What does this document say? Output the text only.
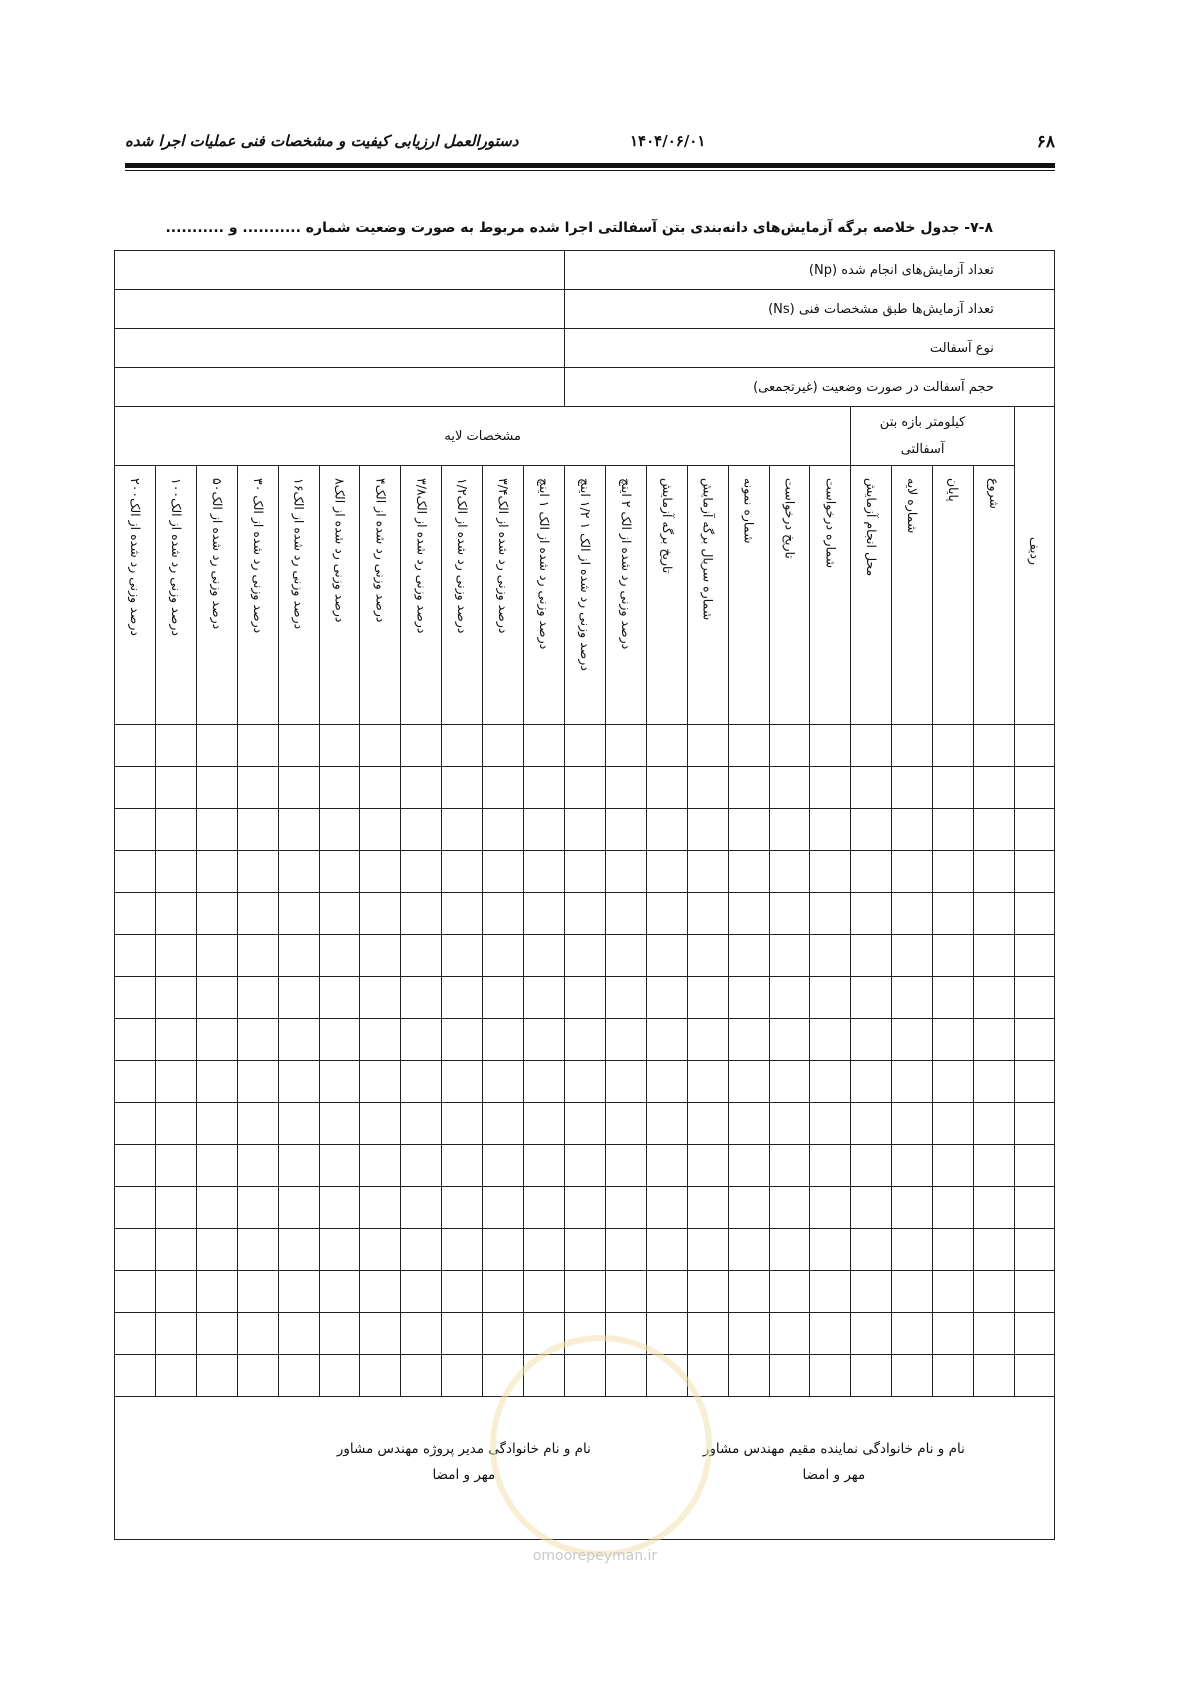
۶۸
۱۴۰۴/۰۶/۰۱
دستورالعمل ارزیابی کیفیت و مشخصات فنی عملیات اجرا شده
۷-۸- جدول خلاصه برگه آزمایش‌های دانه‌بندی بتن آسفالتی اجرا شده مربوط به صورت وضعیت شماره ........... و ...........
تعداد آزمایش‌های انجام شده (Np)																						
تعداد آزمایش‌ها طبق مشخصات فنی (Ns)																						
نوع آسفالت																						
حجم آسفالت در صورت وضعیت (غیرتجمعی)																						

ردیف	کیلومتر بازه بتن آسفالتی				مشخصات لایه																	

	شروع	پایان	شماره لایه	محل انجام آزمایش	شماره درخواست	تاریخ درخواست	شماره نمونه	شماره سریال برگه آزمایش	تاریخ برگه آزمایش	درصد وزنی رد شده از الک ۲ اینچ	درصد وزنی رد شده از الک ۱ ۱/۲ اینچ	درصد وزنی رد شده از الک ۱ اینچ	درصد وزنی رد شده از الک۳/۴	درصد وزنی رد شده از الک۱/۲	درصد وزنی رد شده از الک۳/۸	درصد وزنی رد شده از الک۴	درصد وزنی رد شده از الک۸	درصد وزنی رد شده از الک۱۶	درصد وزنی رد شده از الک ۳۰	درصد وزنی رد شده از الک۵۰	درصد وزنی رد شده از الک۱۰۰	درصد وزنی رد شده از الک۲۰۰

نام و نام خانوادگی نماینده مقیم مهندس مشاور
مهر و امضا
نام و نام خانوادگی مدیر پروژه مهندس مشاور
مهر و امضا																						
omoorepeyman.ir
